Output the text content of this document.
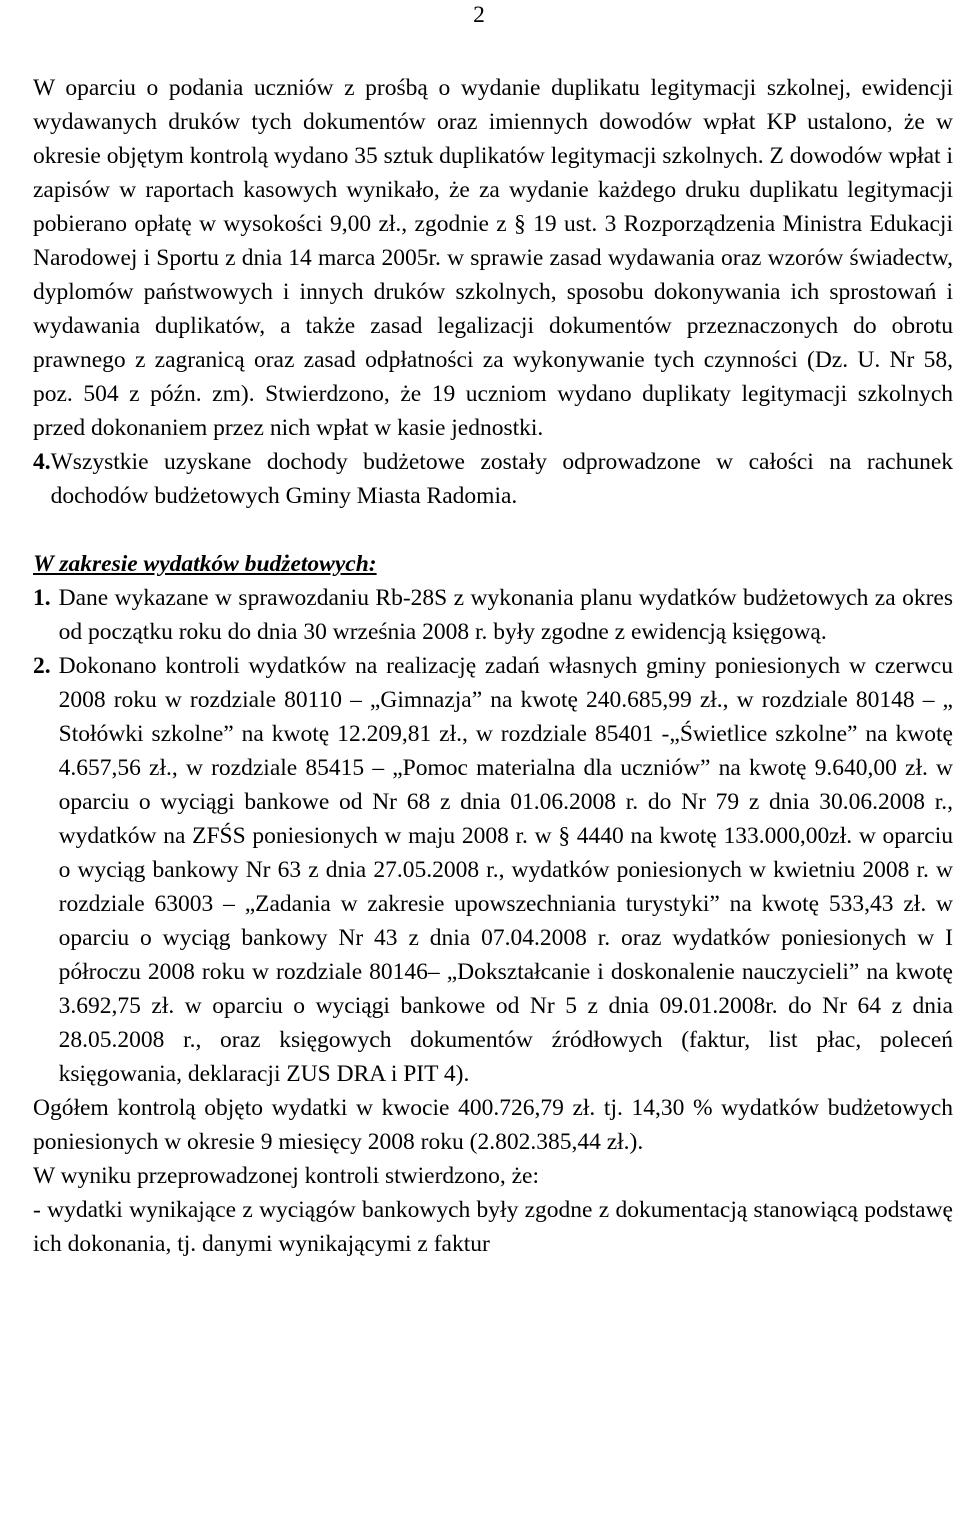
2

W oparciu o podania uczniów z prośbą o wydanie duplikatu legitymacji szkolnej, ewidencji wydawanych druków tych dokumentów oraz imiennych dowodów wpłat KP ustalono, że w okresie objętym kontrolą wydano 35 sztuk duplikatów legitymacji szkolnych. Z dowodów wpłat i zapisów w raportach kasowych wynikało, że za wydanie każdego druku duplikatu legitymacji pobierano opłatę w wysokości 9,00 zł., zgodnie z § 19 ust. 3 Rozporządzenia Ministra Edukacji Narodowej i Sportu z dnia 14 marca 2005r. w sprawie zasad wydawania oraz wzorów świadectw, dyplomów państwowych i innych druków szkolnych, sposobu dokonywania ich sprostowań i wydawania duplikatów, a także zasad legalizacji dokumentów przeznaczonych do obrotu prawnego z zagranicą oraz zasad odpłatności za wykonywanie tych czynności (Dz. U. Nr 58, poz. 504 z późn. zm). Stwierdzono, że 19 uczniom wydano duplikaty legitymacji szkolnych przed dokonaniem przez nich wpłat w kasie jednostki.

4. Wszystkie uzyskane dochody budżetowe zostały odprowadzone w całości na rachunek dochodów budżetowych Gminy Miasta Radomia.

W zakresie wydatków budżetowych:
1. Dane wykazane w sprawozdaniu Rb-28S z wykonania planu wydatków budżetowych za okres od początku roku do dnia 30 września 2008 r. były zgodne z ewidencją księgową.

2. Dokonano kontroli wydatków na realizację zadań własnych gminy poniesionych w czerwcu 2008 roku w rozdziale 80110 – „Gimnazja” na kwotę 240.685,99 zł., w rozdziale 80148 – „ Stołówki szkolne” na kwotę 12.209,81 zł., w rozdziale 85401 -„Świetlice szkolne” na kwotę 4.657,56 zł., w rozdziale 85415 – „Pomoc materialna dla uczniów” na kwotę 9.640,00 zł. w oparciu o wyciągi bankowe od Nr 68 z dnia 01.06.2008 r. do Nr 79 z dnia 30.06.2008 r., wydatków na ZFŚS poniesionych w maju 2008 r. w § 4440 na kwotę 133.000,00zł. w oparciu o wyciąg bankowy Nr 63 z dnia 27.05.2008 r., wydatków poniesionych w kwietniu 2008 r. w rozdziale 63003 – „Zadania w zakresie upowszechniania turystyki” na kwotę 533,43 zł. w oparciu o wyciąg bankowy Nr 43 z dnia 07.04.2008 r. oraz wydatków poniesionych w I półroczu 2008 roku w rozdziale 80146– „Dokształcanie i doskonalenie nauczycieli” na kwotę 3.692,75 zł. w oparciu o wyciągi bankowe od Nr 5 z dnia 09.01.2008r. do Nr 64 z dnia 28.05.2008 r., oraz księgowych dokumentów źródłowych (faktur, list płac, poleceń księgowania, deklaracji ZUS DRA i PIT 4).

Ogółem kontrolą objęto wydatki w kwocie 400.726,79 zł. tj. 14,30 % wydatków budżetowych poniesionych w okresie 9 miesięcy 2008 roku (2.802.385,44 zł.).

W wyniku przeprowadzonej kontroli stwierdzono, że:

- wydatki wynikające z wyciągów bankowych były zgodne z dokumentacją stanowiącą podstawę ich dokonania, tj. danymi wynikającymi z faktur
